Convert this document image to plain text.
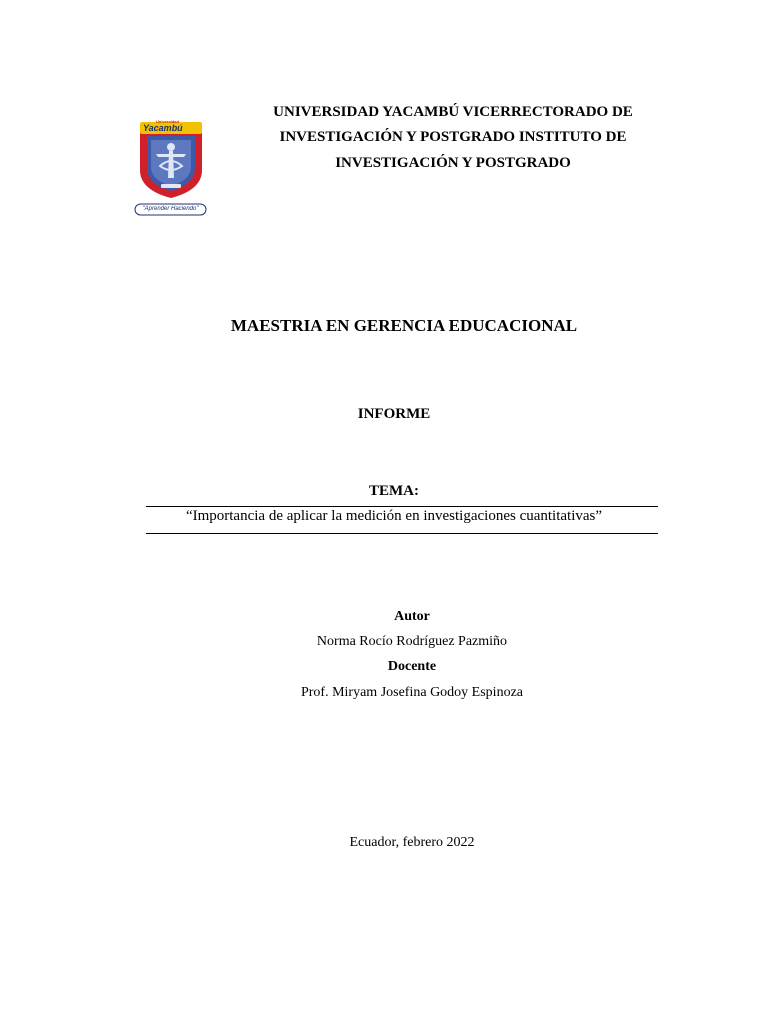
Universidad
Yacambú
"Aprender Haciendo"
UNIVERSIDAD YACAMBÚ VICERRECTORADO DE
INVESTIGACIÓN Y POSTGRADO INSTITUTO DE
INVESTIGACIÓN Y POSTGRADO
MAESTRIA EN GERENCIA EDUCACIONAL
INFORME
TEMA:
“Importancia de aplicar la medición en investigaciones cuantitativas”
Autor
Norma Rocío Rodríguez Pazmiño
Docente
Prof. Miryam Josefina Godoy Espinoza
Ecuador, febrero 2022
